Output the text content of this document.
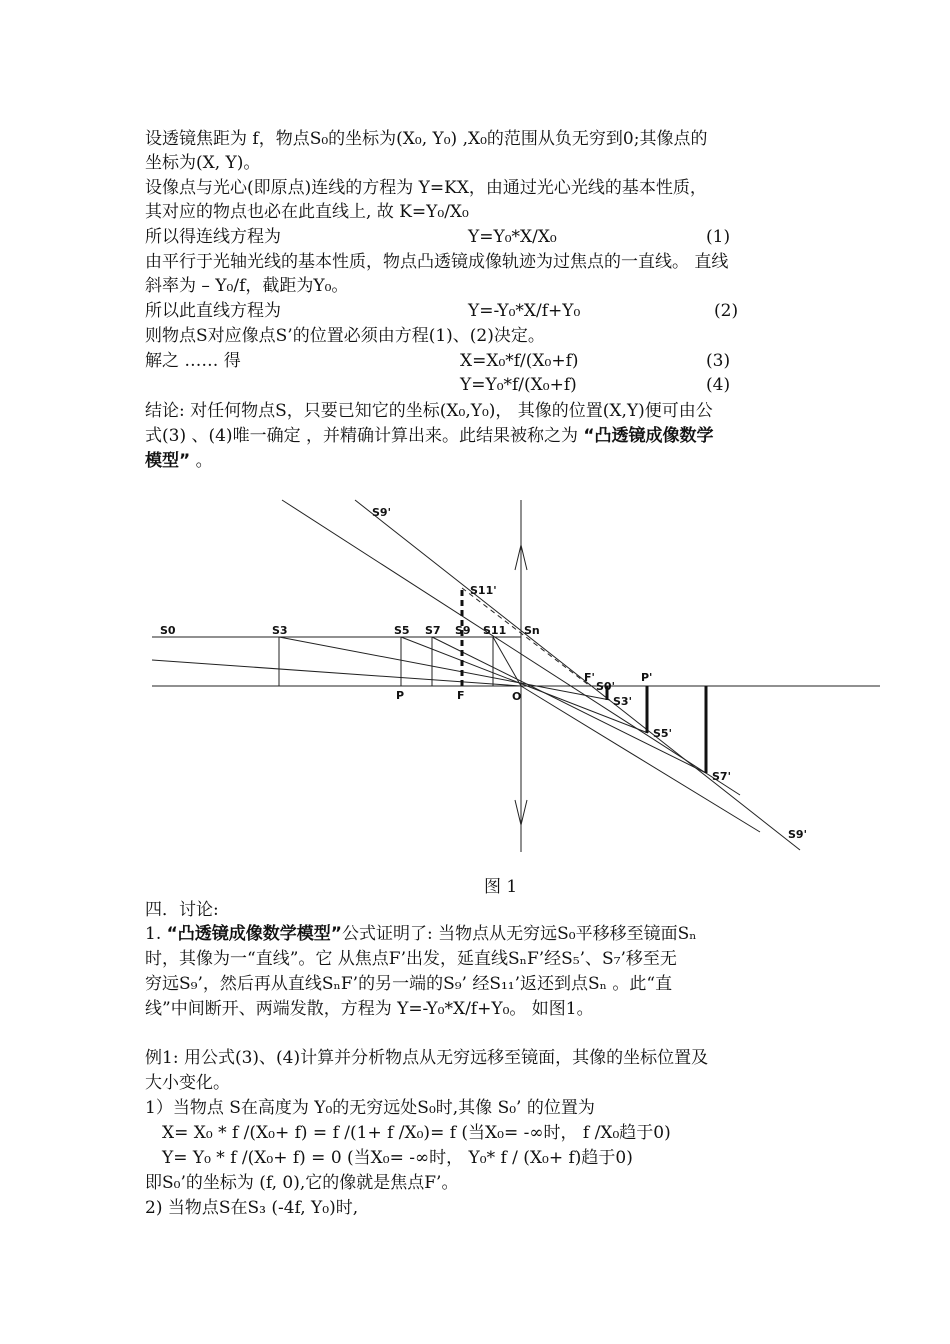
设透镜焦距为 f，物点S₀的坐标为(X₀, Y₀) ,X₀的范围从负无穷到0;其像点的
坐标为(X, Y)。
设像点与光心(即原点)连线的方程为 Y=KX，由通过光心光线的基本性质，
其对应的物点也必在此直线上, 故 K=Y₀/X₀
所以得连线方程为	Y=Y₀*X/X₀	(1)
由平行于光轴光线的基本性质，物点凸透镜成像轨迹为过焦点的一直线。 直线
斜率为 – Y₀/f，截距为Y₀。
所以此直线方程为	Y=-Y₀*X/f+Y₀	(2)
则物点S对应像点S’的位置必须由方程(1)、(2)决定。
解之 …… 得	X=X₀*f/(X₀+f)	(3)
Y=Y₀*f/(X₀+f)	(4)
结论: 对任何物点S，只要已知它的坐标(X₀,Y₀)， 其像的位置(X,Y)便可由公
式(3) 、(4)唯一确定 ，并精确计算出来。此结果被称之为 “凸透镜成像数学
模型” 。
S0	S3	S5 S7 S9 S11 Sn
S9'
S11'
P	F	O
F'
S0'
P'
S3'
S5'
S7'
S9'
图 1
四．讨论:
1. “凸透镜成像数学模型”公式证明了: 当物点从无穷远S₀平移移至镜面Sₙ
时，其像为一“直线”。它 从焦点F’出发，延直线SₙF’经S₅’、S₇’移至无
穷远S₉’，然后再从直线SₙF’的另一端的S₉’ 经S₁₁’返还到点Sₙ 。此“直
线”中间断开、两端发散，方程为 Y=-Y₀*X/f+Y₀。 如图1。
例1: 用公式(3)、(4)计算并分析物点从无穷远移至镜面，其像的坐标位置及
大小变化。
1）当物点 S在高度为 Y₀的无穷远处S₀时,其像 S₀’ 的位置为
X= X₀ * f /(X₀+ f) = f /(1+ f /X₀)= f (当X₀= -∞时， f /X₀趋于0)
Y= Y₀ * f /(X₀+ f) = 0 (当X₀= -∞时， Y₀* f / (X₀+ f)趋于0)
即S₀’的坐标为 (f, 0),它的像就是焦点F’。
2) 当物点S在S₃ (-4f, Y₀)时,
